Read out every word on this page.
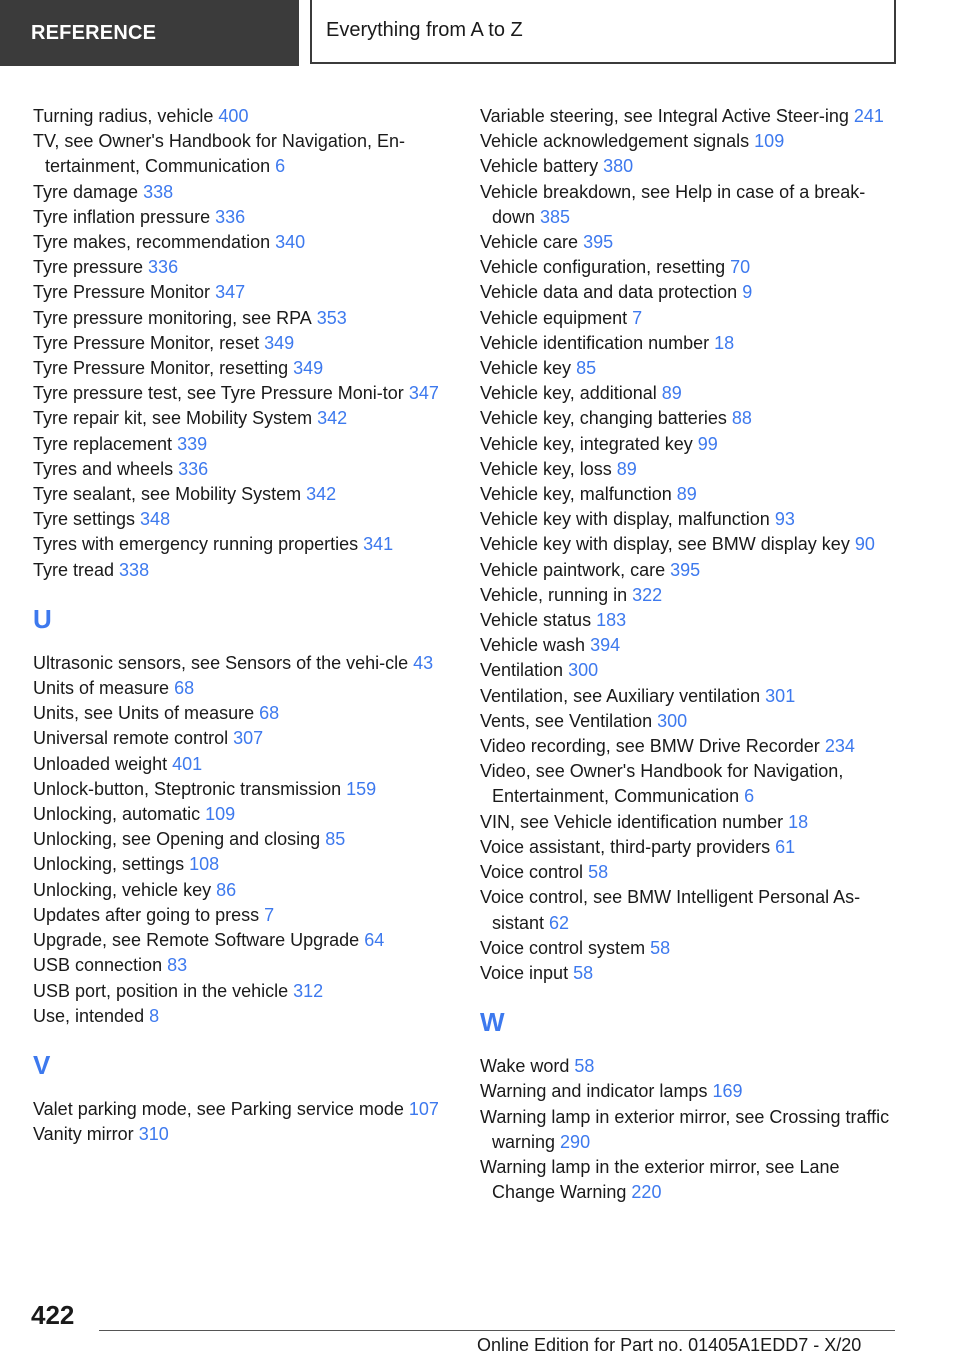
REFERENCE	Everything from A to Z
Turning radius, vehicle 400
TV, see Owner's Handbook for Navigation, En-tertainment, Communication 6
Tyre damage 338
Tyre inflation pressure 336
Tyre makes, recommendation 340
Tyre pressure 336
Tyre Pressure Monitor 347
Tyre pressure monitoring, see RPA 353
Tyre Pressure Monitor, reset 349
Tyre Pressure Monitor, resetting 349
Tyre pressure test, see Tyre Pressure Moni-tor 347
Tyre repair kit, see Mobility System 342
Tyre replacement 339
Tyres and wheels 336
Tyre sealant, see Mobility System 342
Tyre settings 348
Tyres with emergency running properties 341
Tyre tread 338
U
Ultrasonic sensors, see Sensors of the vehi-cle 43
Units of measure 68
Units, see Units of measure 68
Universal remote control 307
Unloaded weight 401
Unlock-button, Steptronic transmission 159
Unlocking, automatic 109
Unlocking, see Opening and closing 85
Unlocking, settings 108
Unlocking, vehicle key 86
Updates after going to press 7
Upgrade, see Remote Software Upgrade 64
USB connection 83
USB port, position in the vehicle 312
Use, intended 8
V
Valet parking mode, see Parking service mode 107
Vanity mirror 310
Variable steering, see Integral Active Steer-ing 241
Vehicle acknowledgement signals 109
Vehicle battery 380
Vehicle breakdown, see Help in case of a break-down 385
Vehicle care 395
Vehicle configuration, resetting 70
Vehicle data and data protection 9
Vehicle equipment 7
Vehicle identification number 18
Vehicle key 85
Vehicle key, additional 89
Vehicle key, changing batteries 88
Vehicle key, integrated key 99
Vehicle key, loss 89
Vehicle key, malfunction 89
Vehicle key with display, malfunction 93
Vehicle key with display, see BMW display key 90
Vehicle paintwork, care 395
Vehicle, running in 322
Vehicle status 183
Vehicle wash 394
Ventilation 300
Ventilation, see Auxiliary ventilation 301
Vents, see Ventilation 300
Video recording, see BMW Drive Recorder 234
Video, see Owner's Handbook for Navigation, Entertainment, Communication 6
VIN, see Vehicle identification number 18
Voice assistant, third-party providers 61
Voice control 58
Voice control, see BMW Intelligent Personal As-sistant 62
Voice control system 58
Voice input 58
W
Wake word 58
Warning and indicator lamps 169
Warning lamp in exterior mirror, see Crossing traffic warning 290
Warning lamp in the exterior mirror, see Lane Change Warning 220
422
Online Edition for Part no. 01405A1EDD7 - X/20
